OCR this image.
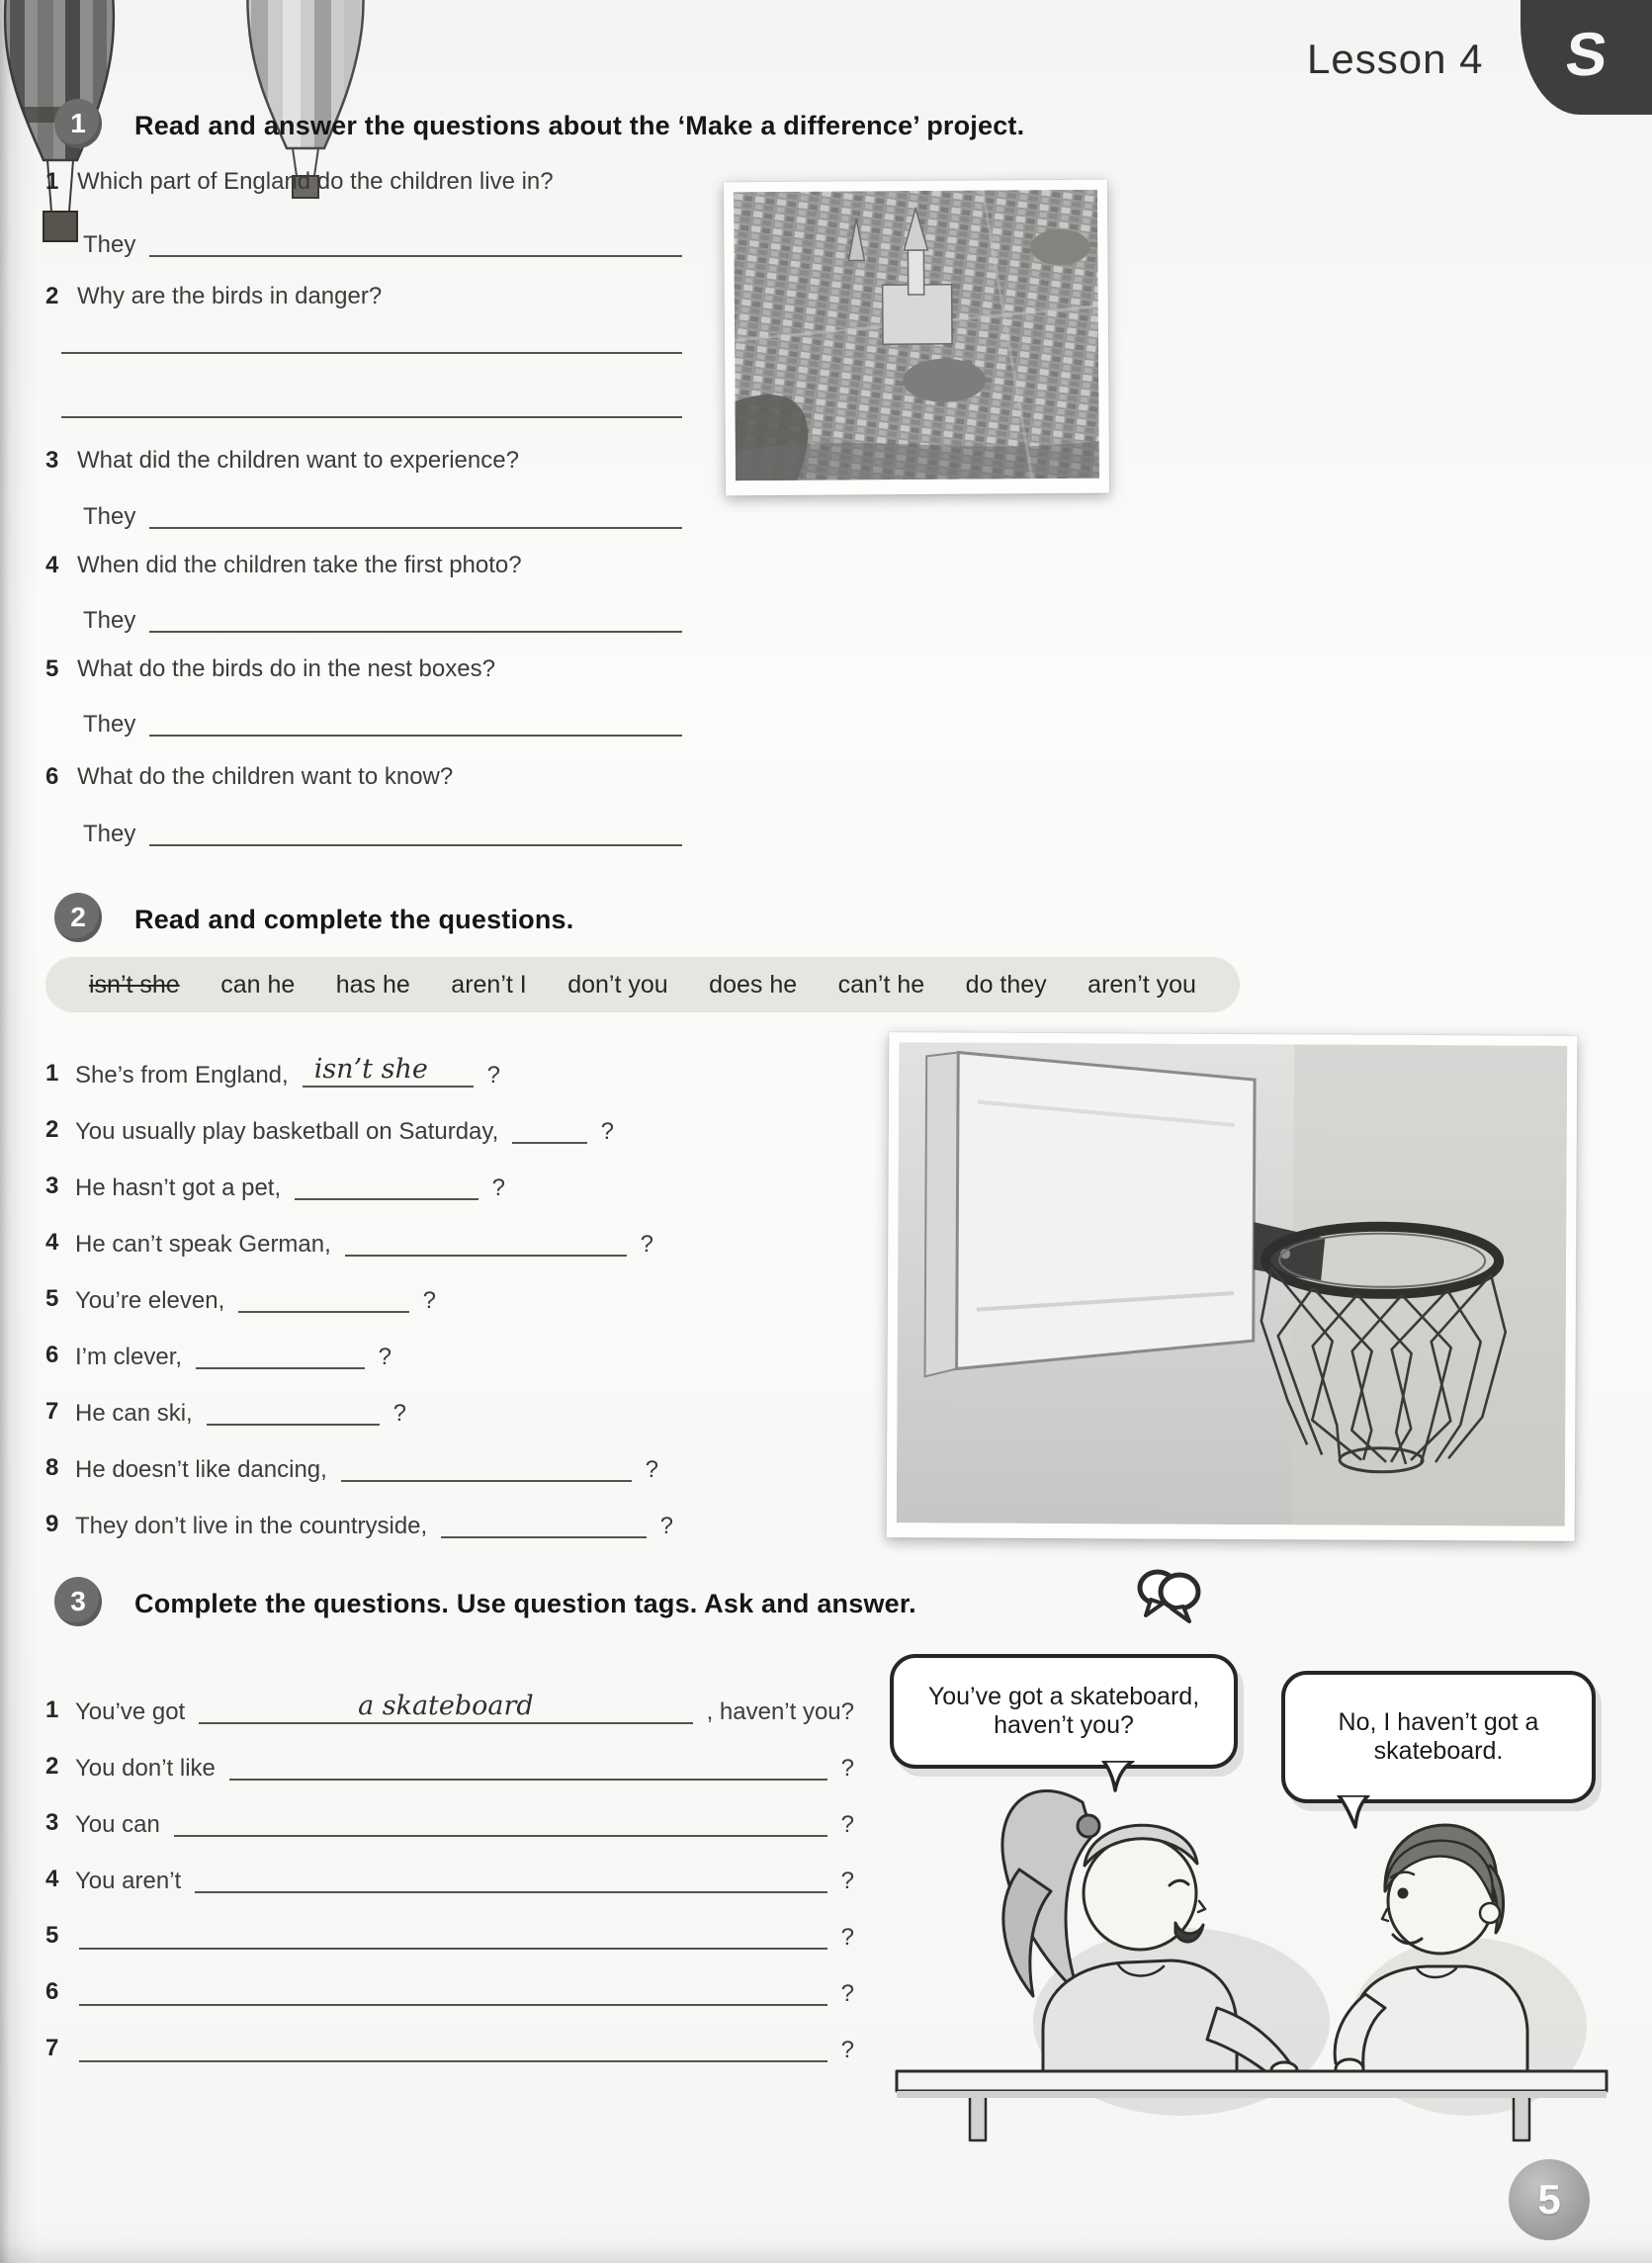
Lesson 4 S
1	Read and answer the questions about the ‘Make a difference’ project.
1 Which part of England do the children live in?
They
2 Why are the birds in danger?
3 What did the children want to experience?
They
4 When did the children take the first photo?
They
5 What do the birds do in the nest boxes?
They
6 What do the children want to know?
They
2	Read and complete the questions.
isn’t she can he has he aren’t I don’t you does he can’t he do they aren’t you
1 She’s from England, isn’t she ?
2 You usually play basketball on Saturday,	?
3 He hasn’t got a pet,	?
4 He can’t speak German,	?
5 You’re eleven,	?
6 I’m clever,	?
7 He can ski,	?
8 He doesn’t like dancing,	?
9 They don’t live in the countryside,	?
3	Complete the questions. Use question tags. Ask and answer.
1 You’ve got	a skateboard	, haven’t you?
2 You don’t like	?
3 You can	?
4 You aren’t	?
5	?
6	?
7	?
You’ve got a skateboard, haven’t you?	No, I haven’t got a skateboard.
5
